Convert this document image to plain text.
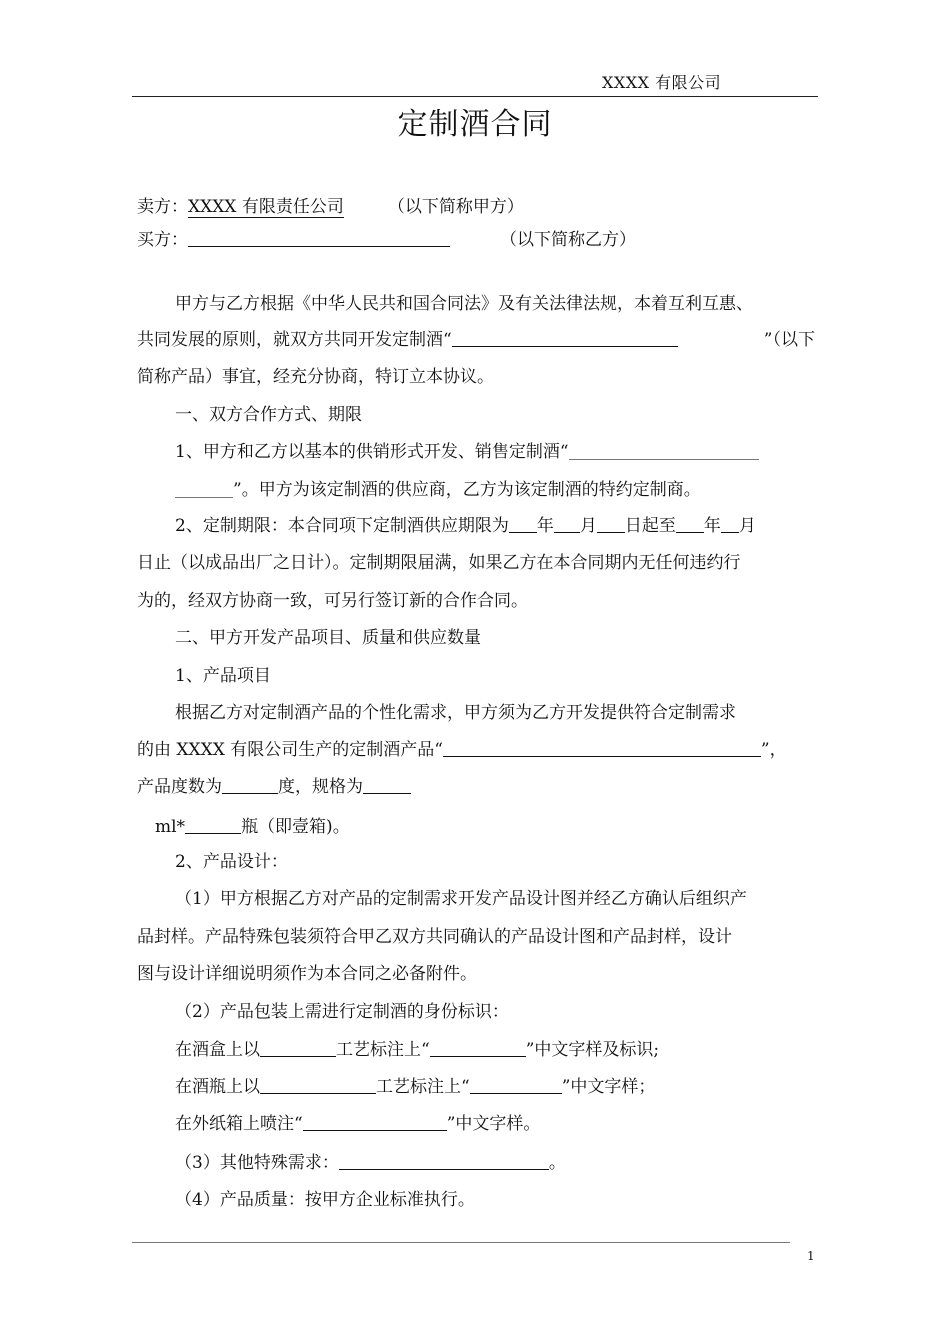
XXXX 有限公司
定制酒合同
卖方：XXXX 有限责任公司	（以下简称甲方）
买方：	（以下简称乙方）
甲方与乙方根据《中华人民共和国合同法》及有关法律法规，本着互利互惠、
共同发展的原则，就双方共同开发定制酒“	”（以下
简称产品）事宜，经充分协商，特订立本协议。
一、双方合作方式、期限
1、甲方和乙方以基本的供销形式开发、销售定制酒“
”。甲方为该定制酒的供应商，乙方为该定制酒的特约定制商。
2、定制期限：本合同项下定制酒供应期限为 年 月 日起至 年 月
日止（以成品出厂之日计）。定制期限届满，如果乙方在本合同期内无任何违约行
为的，经双方协商一致，可另行签订新的合作合同。
二、甲方开发产品项目、质量和供应数量
1、产品项目
根据乙方对定制酒产品的个性化需求，甲方须为乙方开发提供符合定制需求
的由 XXXX 有限公司生产的定制酒产品“	”，
产品度数为	度，规格为
ml*	瓶（即壹箱)。
2、产品设计：
（1）甲方根据乙方对产品的定制需求开发产品设计图并经乙方确认后组织产
品封样。产品特殊包装须符合甲乙双方共同确认的产品设计图和产品封样，设计
图与设计详细说明须作为本合同之必备附件。
（2）产品包装上需进行定制酒的身份标识：
在酒盒上以	工艺标注上“	”中文字样及标识;
在酒瓶上以	工艺标注上“	”中文字样；
在外纸箱上喷注“	”中文字样。
（3）其他特殊需求：	。
（4）产品质量：按甲方企业标准执行。
1
